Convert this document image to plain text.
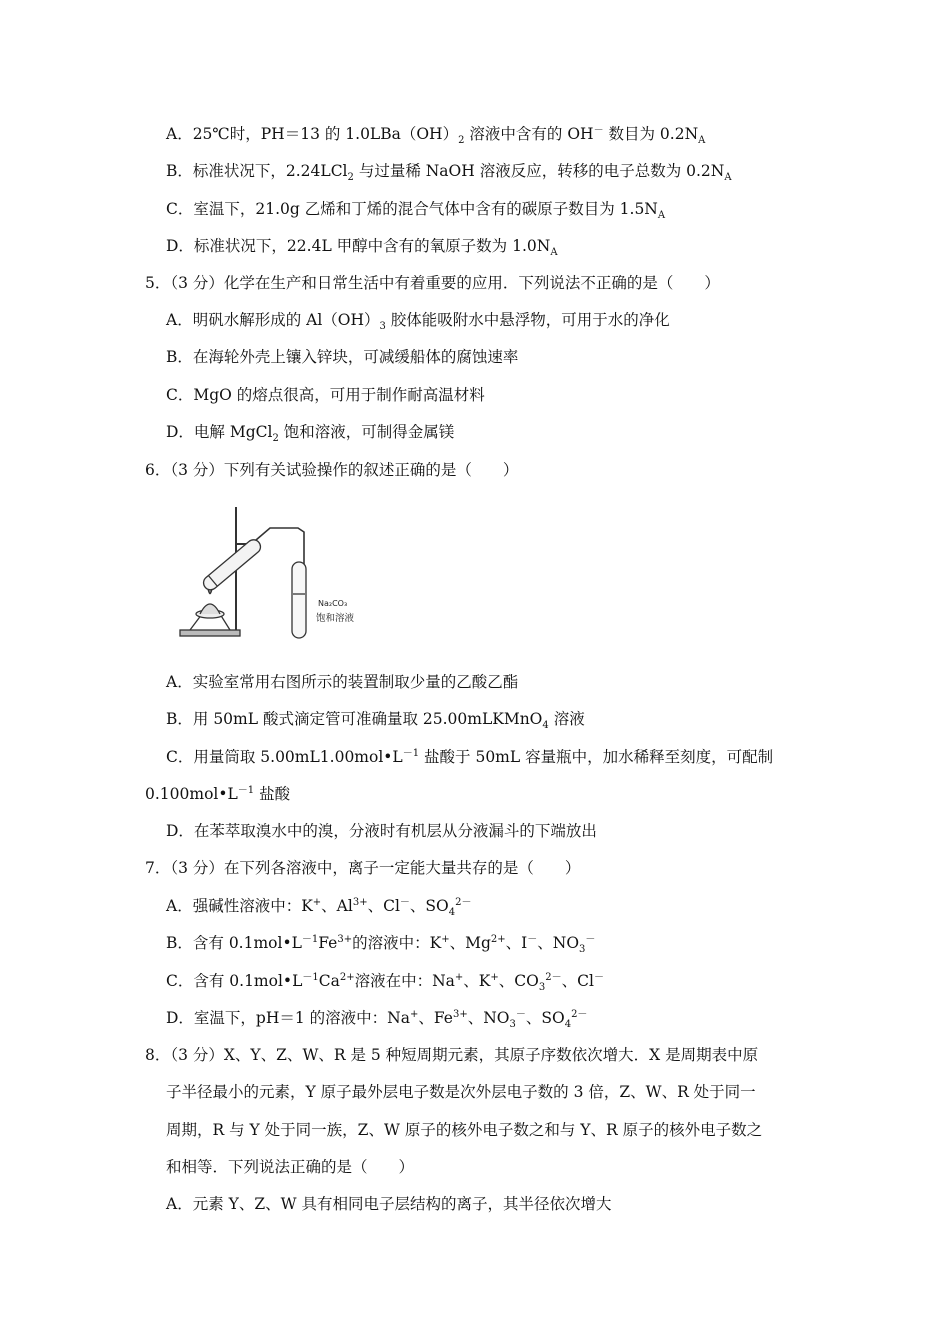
A．25℃时，PH＝13 的 $1.0LBa(OH)_2$ 溶液中含有的 OH－ 数目为 $0.2N_A$
B．标准状况下，2.24LCl$_2$ 与过量稀 NaOH 溶液反应，转移的电子总数为 $0.2N_A$
C．室温下，21.0g 乙烯和丁烯的混合气体中含有的碳原子数目为 $1.5N_A$
D．标准状况下，22.4L 甲醇中含有的氧原子数为 $1.0N_A$
5．（3 分）化学在生产和日常生活中有着重要的应用．下列说法不正确的是（　　）
A．明矾水解形成的 $Al(OH)_3$ 胶体能吸附水中悬浮物，可用于水的净化
B．在海轮外壳上镶入锌块，可减缓船体的腐蚀速率
C．MgO 的熔点很高，可用于制作耐高温材料
D．电解 MgCl$_2$ 饱和溶液，可制得金属镁
6．（3 分）下列有关试验操作的叙述正确的是（　　）
Na₂CO₃
饱和溶液
A．实验室常用右图所示的装置制取少量的乙酸乙酯
B．用 50mL 酸式滴定管可准确量取 25.00mLKMnO$_4$ 溶液
C．用量筒取 $5.00mL1.00mol•L^{-1}$ 盐酸于 50mL 容量瓶中，加水稀释至刻度，可配制
$0.100mol•L^{-1}$ 盐酸
D．在苯萃取溴水中的溴，分液时有机层从分液漏斗的下端放出
7．（3 分）在下列各溶液中，离子一定能大量共存的是（　　）
A．强碱性溶液中：K+、$Al^{3+}$、Cl－、$SO_4^{2-}$
B．含有 $0.1mol•L^{-1}Fe^{3+}$的溶液中：K+、$Mg^{2+}$、I－、$NO_3^-$
C．含有 $0.1mol•L^{-1}Ca^{2+}$溶液在中：Na+、K+、$CO_3^{2-}$、Cl－
D．室温下，pH＝1 的溶液中：Na+、$Fe^{3+}$、$NO_3^-$、$SO_4^{2-}$
8．（3 分）X、Y、Z、W、R 是 5 种短周期元素，其原子序数依次增大．X 是周期表中原
子半径最小的元素，Y 原子最外层电子数是次外层电子数的 3 倍，Z、W、R 处于同一
周期，R 与 Y 处于同一族，Z、W 原子的核外电子数之和与 Y、R 原子的核外电子数之
和相等．下列说法正确的是（　　）
A．元素 Y、Z、W 具有相同电子层结构的离子，其半径依次增大
